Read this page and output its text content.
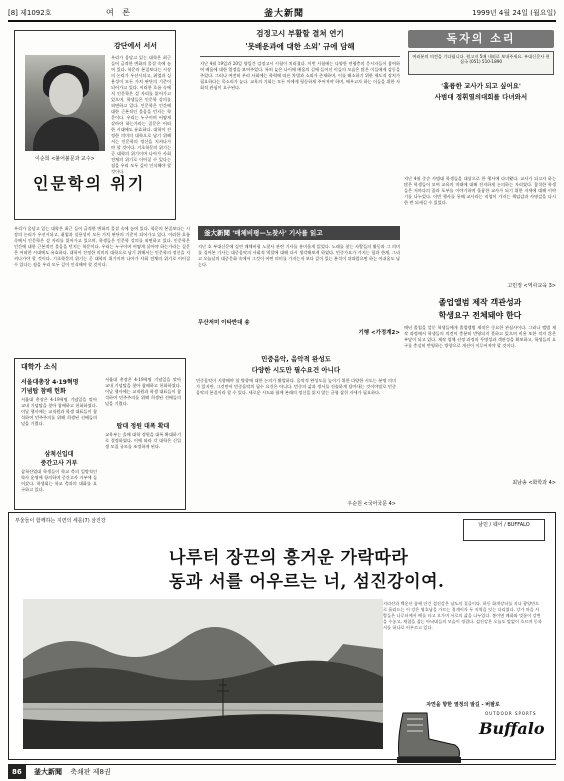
[8] 제1092호	여 론	釜大新聞	1999년 4월 24일 (월요일)
강단에서 서서
우리가 몸담고 있는 대학은 최근 들어 급격한 변화의 물결 속에 놓여 있다. 학문의 본질보다는 시장의 논리가 우선시되고, 취업과 실용성이 모든 가치 판단의 기준이 되어가고 있다. 이러한 흐름 속에서 인문학은 설 자리를 잃어가고 있으며, 학생들은 인문학 강의를 외면하고 있다. 인문학은 인간에 대한 근본적인 물음을 던지는 학문이다. 우리는 누구이며 어떻게 살아야 하는가라는 질문은 어떠한 시대에도 유효하다. 대학이 진정한 의미의 대학으로 남기 위해서는 인문학의 정신을 지켜나가야 할 것이다. 기초학문의 위기는 곧 대학의 위기이며 나아가 사회 전체의 위기로 이어질 수 있다는 점을 우리 모두 깊이 인식해야 할 것이다.
이순희 <불어불문과 교수>
인문학의 위기
우리가 몸담고 있는 대학은 최근 들어 급격한 변화의 물결 속에 놓여 있다. 학문의 본질보다는 시장의 논리가 우선시되고, 취업과 실용성이 모든 가치 판단의 기준이 되어가고 있다. 이러한 흐름 속에서 인문학은 설 자리를 잃어가고 있으며, 학생들은 인문학 강의를 외면하고 있다. 인문학은 인간에 대한 근본적인 물음을 던지는 학문이다. 우리는 누구이며 어떻게 살아야 하는가라는 질문은 어떠한 시대에도 유효하다. 대학이 진정한 의미의 대학으로 남기 위해서는 인문학의 정신을 지켜나가야 할 것이다. 기초학문의 위기는 곧 대학의 위기이며 나아가 사회 전체의 위기로 이어질 수 있다는 점을 우리 모두 깊이 인식해야 할 것이다.
검정고시 부활할 결쳐 연기
'못배운과에 대한 소외' 규에 담해
지난 4월 19일과 20일 양일간 검정고시 시험이 치러졌다. 이번 시험에는 다양한 연령층의 응시자들이 참여하여 배움에 대한 열정을 보여주었다. 특히 늦은 나이에 배움의 길에 들어선 이들의 모습은 많은 이들에게 감동을 주었다. 그러나 여전히 우리 사회에는 학력에 따른 차별과 소외가 존재하며, 이를 해소하기 위한 제도적 장치가 필요하다는 목소리가 높다. 교육의 기회는 모든 이에게 평등하게 주어져야 하며, 배우고자 하는 이들을 위한 사회적 관심이 요구된다.
독자의 소리
여러분의 의견을 기다립니다. 원고지 5매 내외로 보내주세요. 부대신문사 편집국 (051) 510-1890
'훌륭한 교사가 되고 싶어요'
사범대 정휘열의대회를 다녀와서
지난 4월 중순 사범대 학생들을 대상으로 한 행사에 다녀왔다. 교사가 되고자 하는 많은 학생들이 모여 교육의 미래에 대해 진지하게 논의하는 자리였다. 참석한 학생들은 저마다의 꿈과 포부를 이야기하며 훌륭한 교사가 되기 위한 자세에 대해 이야기를 나누었다. 이번 행사를 통해 교사라는 직업이 가지는 책임감과 사명감을 다시 한 번 되새길 수 있었다.
고민정 <역사교육 3>
졸업앨범 제작 객관성과
학생요구 전체돼야 한다
매년 졸업을 앞둔 학생들에게 졸업앨범 제작은 중요한 관심사이다. 그러나 앨범 제작 과정에서 학생들의 의견이 충분히 반영되지 못하고 있으며 비용 또한 적지 않은 부담이 되고 있다. 제작 업체 선정 과정의 투명성과 객관성을 확보하고, 학생들의 요구를 충실히 반영하는 방향으로 개선이 이루어져야 할 것이다.
최남송 <화학과 4>
釜大新聞 '매체비평—노찾사' 기사를 읽고
지난 호 부대신문에 실린 매체비평 노찾사 관련 기사를 흥미롭게 읽었다. 노래를 찾는 사람들의 활동과 그 의미를 짚어본 기사는 대중음악의 사회적 역할에 대해 다시 생각해보게 하였다. 민중가요가 가지는 힘과 한계, 그리고 오늘날의 대중문화 속에서 그것이 어떤 의미를 가지는지 보다 깊이 있는 분석이 뒤따랐으면 하는 아쉬움도 남는다.
무산저미 이타반대 송
기행 <가정계2>
대학가 소식
서울대총장 4·19혁명
기념탑 참배 헌화
서울대 총장은 4·19혁명 기념일을 맞아 교내 기념탑을 찾아 참배하고 헌화하였다. 이날 행사에는 교직원과 학생 대표들이 참석하여 민주주의를 위해 희생된 선배들의 넋을 기렸다.
삼척신입대
중간고사 거부
삼척산업대 학생들이 학교 측의 일방적인 학사 운영에 항의하며 중간고사 거부에 들어갔다. 학생회는 학교 측과의 대화를 요구하고 있다.
서울대 총장은 4·19혁명 기념일을 맞아 교내 기념탑을 찾아 참배하고 헌화하였다. 이날 행사에는 교직원과 학생 대표들이 참석하여 민주주의를 위해 희생된 선배들의 넋을 기렸다.
탑대 정원 대폭 확대
교육부는 올해 대학 정원을 대폭 확대하기로 결정하였다. 이에 따라 각 대학은 신입생 모집 규모를 조정하게 된다.
민중음악, 음악적 완성도
다양한 시도만 필수요건 아니다
민중음악이 지향해야 할 방향에 대한 논의가 활발하다. 음악적 완성도를 높이기 위한 다양한 시도는 분명 의미가 있지만, 그것만이 민중음악의 필수 요건은 아니다. 민중의 삶과 정서를 진솔하게 담아내는 것이야말로 민중음악의 본질이라 할 수 있다. 새로운 시도와 함께 본래의 정신을 잃지 않는 균형 잡힌 자세가 필요하다.
우순원 <국어국문 4>
부울들이 함께하는 지면의 세를(7) 삼진강
남민 / 웨어 / BUFFALO
나루터 장끈의 흥거운 가락따라
동과 서를 어우르는 너, 섬진강이여.
지리산과 백운산 품에 안긴 섬진강은 남도의 젖줄이다. 하동 화개장터를 지나 광양만으로 흘러드는 이 강은 영호남을 가르는 경계이자 두 지역을 잇는 다리였다. 강가 마을 사람들은 나루터에서 배를 타고 오가며 서로의 삶을 나누었다. 봄이면 매화와 벚꽃이 강변을 수놓고, 재첩을 잡는 아낙네들의 모습이 정겹다. 섬진강은 오늘도 말없이 흐르며 동과 서를 하나로 어우르고 있다.
자연을 향한 열정의 발길 - 버팔로
OUTDOOR SPORTS
Buffalo
86 釜大新聞 축쇄판 제8권
